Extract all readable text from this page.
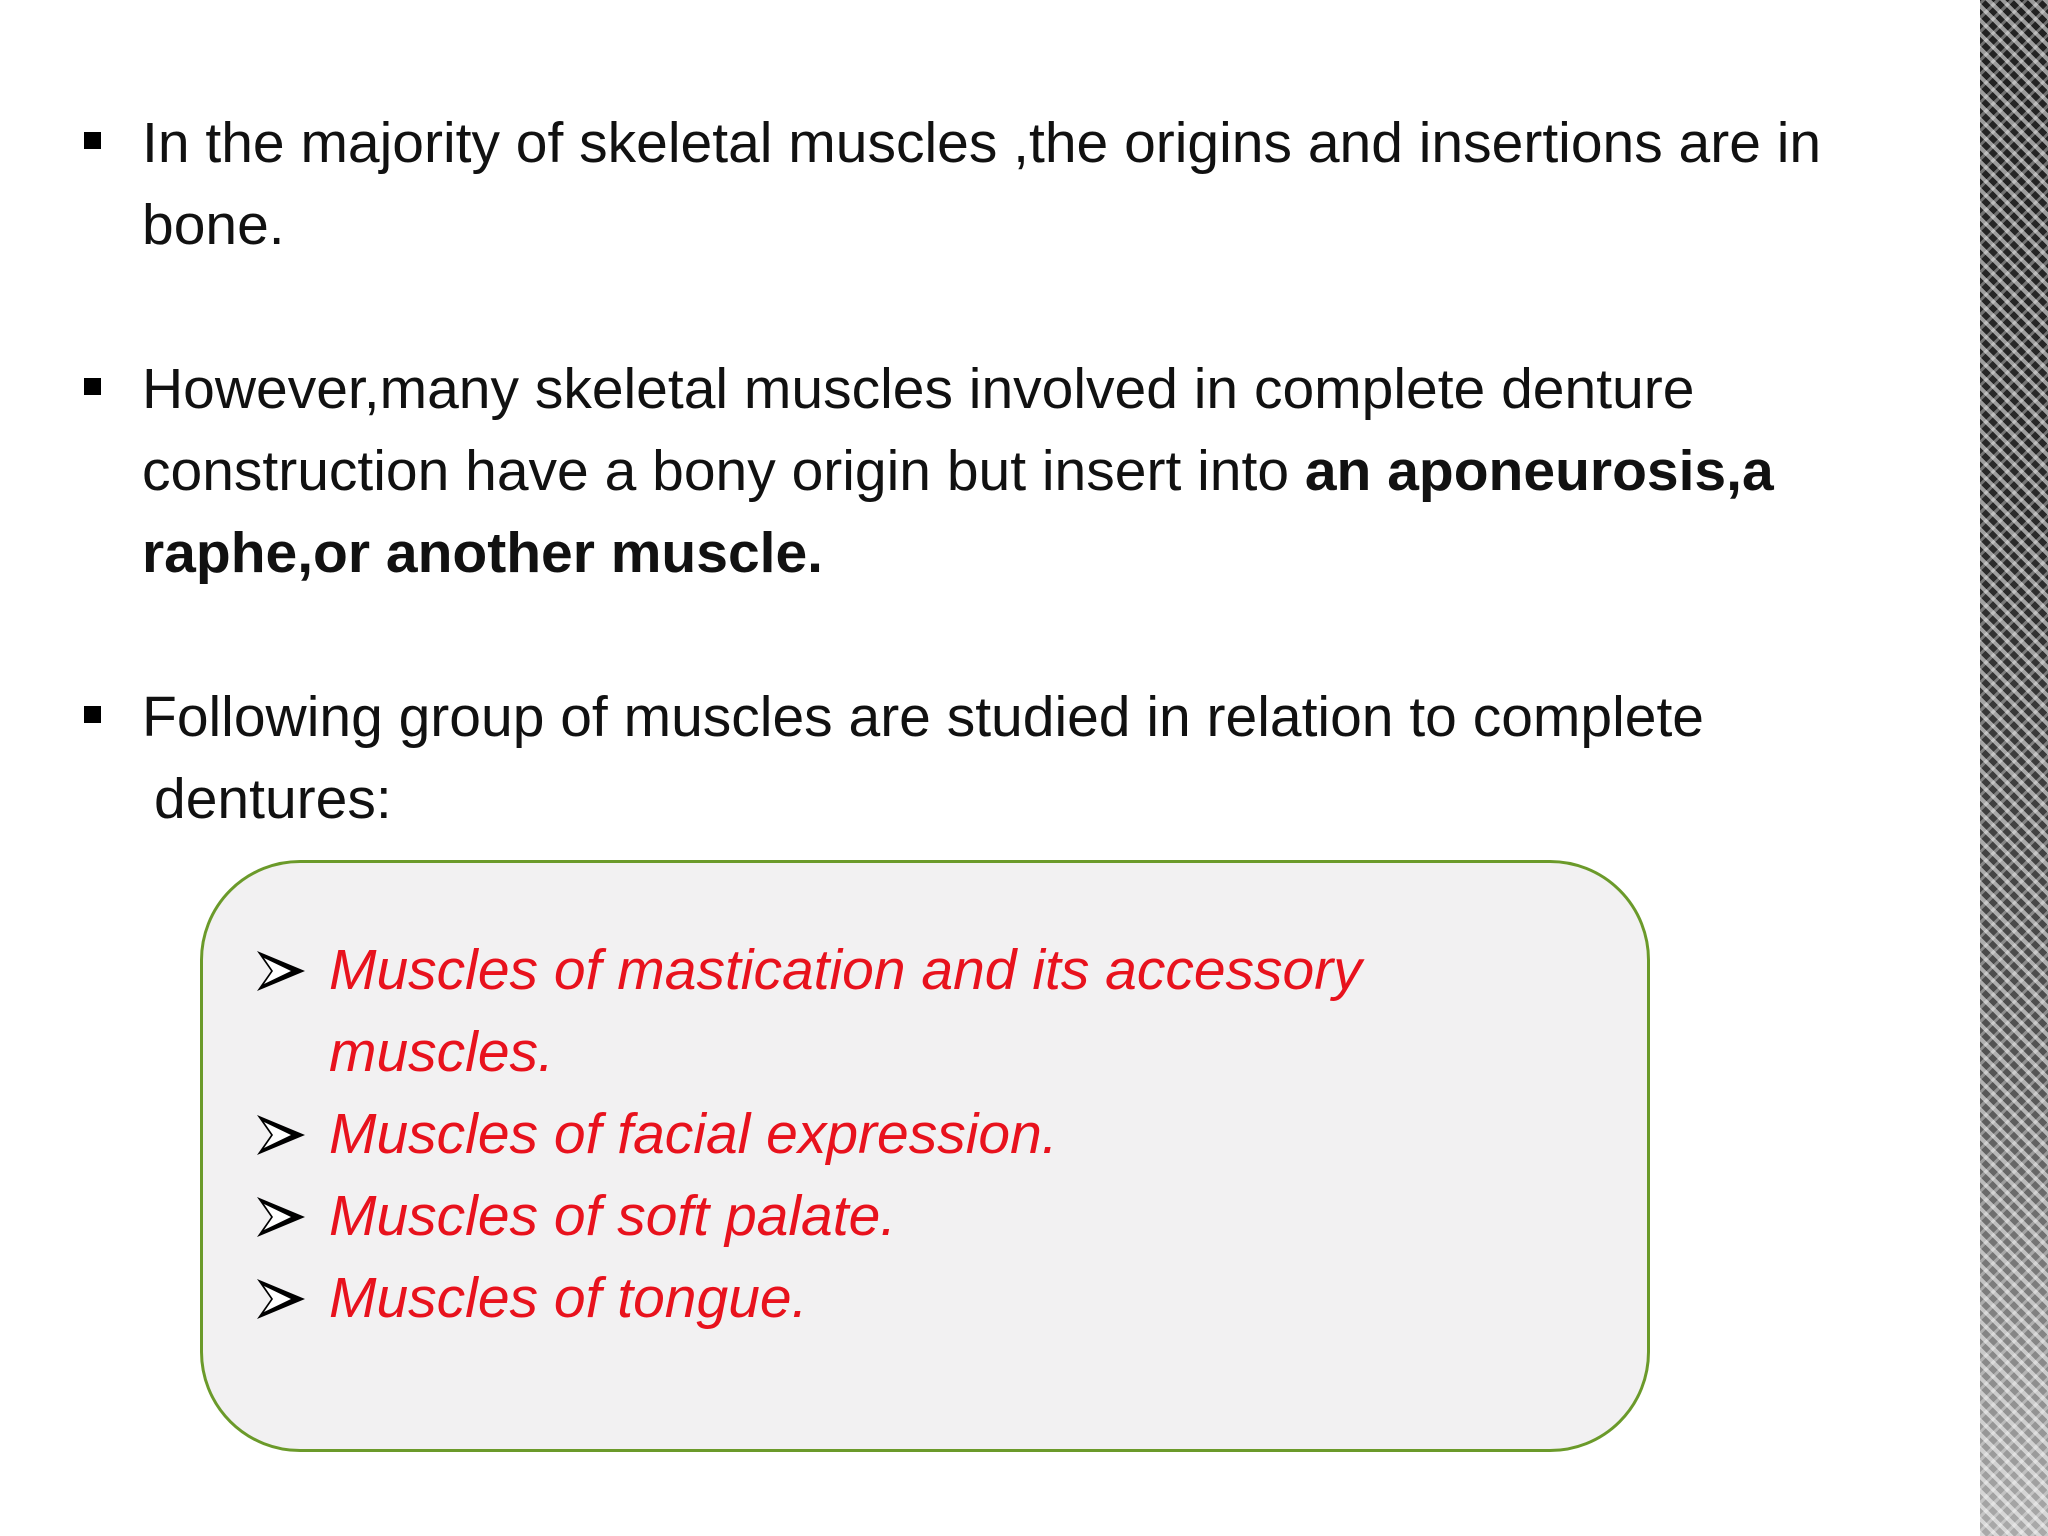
In the majority of skeletal muscles ,the origins and insertions are in bone.
However,many skeletal muscles involved in complete denture construction have a bony origin but insert into an aponeurosis,a raphe,or another muscle.
Following group of muscles are studied in relation to complete
dentures:
Muscles of mastication and its accessory muscles.
Muscles of facial expression.
Muscles of soft palate.
Muscles of tongue.
